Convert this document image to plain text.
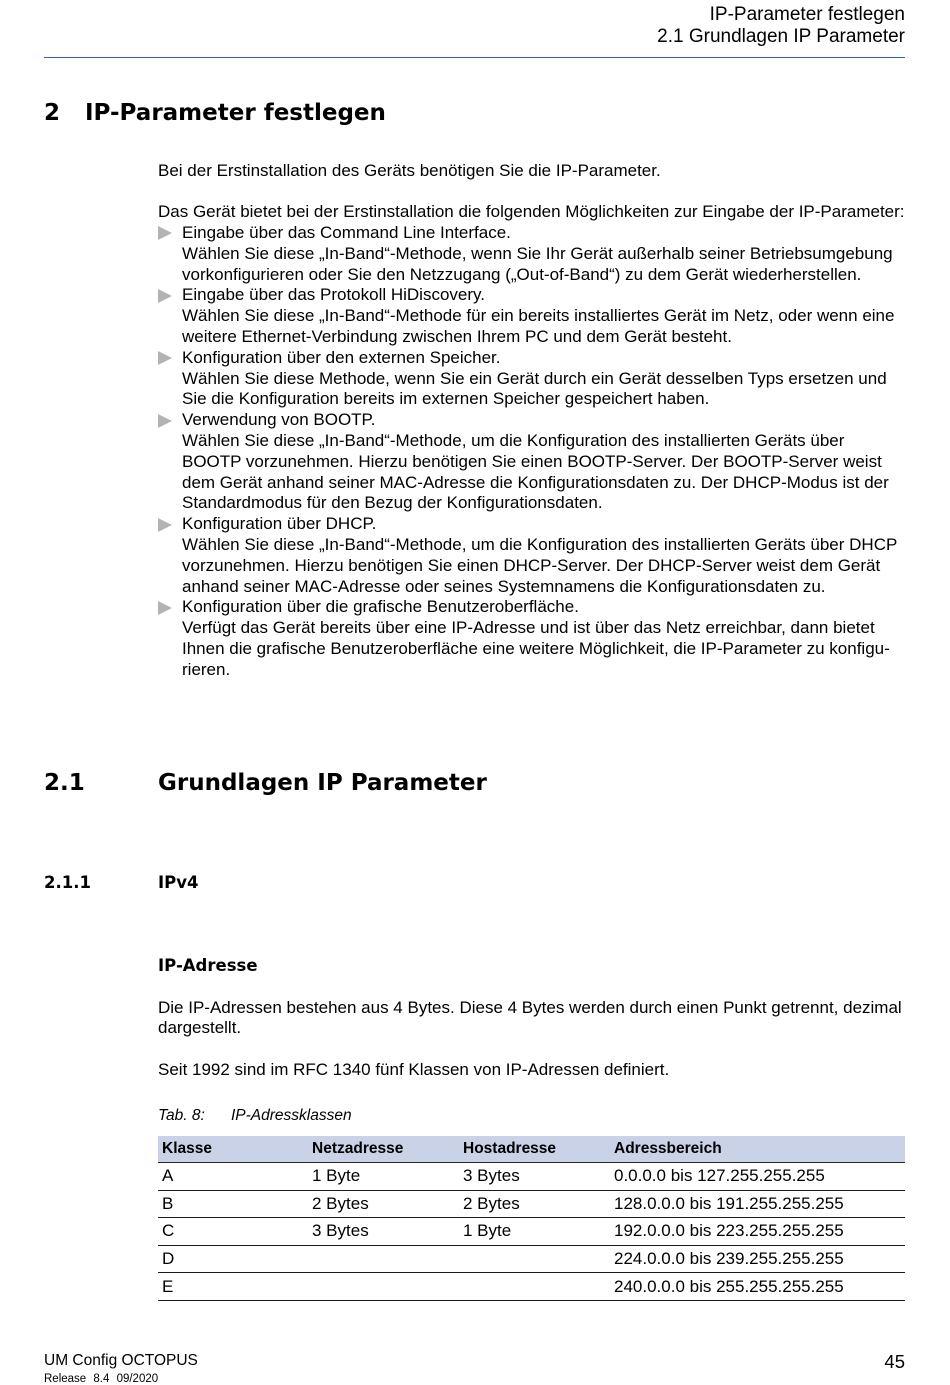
IP-Parameter festlegen
2.1 Grundlagen IP Parameter
2 IP-Parameter festlegen
Bei der Erstinstallation des Geräts benötigen Sie die IP-Parameter.
Das Gerät bietet bei der Erstinstallation die folgenden Möglichkeiten zur Eingabe der IP-Parameter:
Eingabe über das Command Line Interface.
Wählen Sie diese „In-Band“-Methode, wenn Sie Ihr Gerät außerhalb seiner Betriebsumgebung
vorkonfigurieren oder Sie den Netzzugang („Out-of-Band“) zu dem Gerät wiederherstellen.
Eingabe über das Protokoll HiDiscovery.
Wählen Sie diese „In-Band“-Methode für ein bereits installiertes Gerät im Netz, oder wenn eine
weitere Ethernet-Verbindung zwischen Ihrem PC und dem Gerät besteht.
Konfiguration über den externen Speicher.
Wählen Sie diese Methode, wenn Sie ein Gerät durch ein Gerät desselben Typs ersetzen und
Sie die Konfiguration bereits im externen Speicher gespeichert haben.
Verwendung von BOOTP.
Wählen Sie diese „In-Band“-Methode, um die Konfiguration des installierten Geräts über
BOOTP vorzunehmen. Hierzu benötigen Sie einen BOOTP-Server. Der BOOTP-Server weist
dem Gerät anhand seiner MAC-Adresse die Konfigurationsdaten zu. Der DHCP-Modus ist der
Standardmodus für den Bezug der Konfigurationsdaten.
Konfiguration über DHCP.
Wählen Sie diese „In-Band“-Methode, um die Konfiguration des installierten Geräts über DHCP
vorzunehmen. Hierzu benötigen Sie einen DHCP-Server. Der DHCP-Server weist dem Gerät
anhand seiner MAC-Adresse oder seines Systemnamens die Konfigurationsdaten zu.
Konfiguration über die grafische Benutzeroberfläche.
Verfügt das Gerät bereits über eine IP-Adresse und ist über das Netz erreichbar, dann bietet
Ihnen die grafische Benutzeroberfläche eine weitere Möglichkeit, die IP-Parameter zu konfigu-
rieren.
2.1	Grundlagen IP Parameter
2.1.1	IPv4
IP-Adresse
Die IP-Adressen bestehen aus 4 Bytes. Diese 4 Bytes werden durch einen Punkt getrennt, dezimal
dargestellt.
Seit 1992 sind im RFC 1340 fünf Klassen von IP-Adressen definiert.
Tab. 8: IP-Adressklassen
Klasse	Netzadresse	Hostadresse	Adressbereich
A	1 Byte	3 Bytes	0.0.0.0 bis 127.255.255.255
B	2 Bytes	2 Bytes	128.0.0.0 bis 191.255.255.255
C	3 Bytes	1 Byte	192.0.0.0 bis 223.255.255.255
D			224.0.0.0 bis 239.255.255.255
E			240.0.0.0 bis 255.255.255.255
UM Config OCTOPUS
Release 8.4 09/2020
45
